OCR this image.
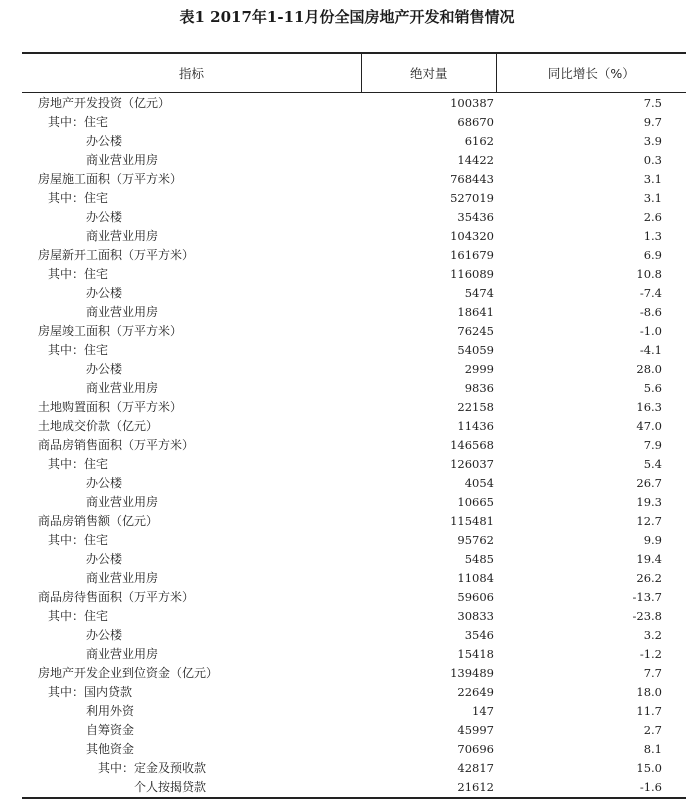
表1 2017年1-11月份全国房地产开发和销售情况
指标	绝对量	同比增长（%）
房地产开发投资（亿元）	100387	7.5
其中：住宅	68670	9.7
办公楼	6162	3.9
商业营业用房	14422	0.3
房屋施工面积（万平方米）	768443	3.1
其中：住宅	527019	3.1
办公楼	35436	2.6
商业营业用房	104320	1.3
房屋新开工面积（万平方米）	161679	6.9
其中：住宅	116089	10.8
办公楼	5474	-7.4
商业营业用房	18641	-8.6
房屋竣工面积（万平方米）	76245	-1.0
其中：住宅	54059	-4.1
办公楼	2999	28.0
商业营业用房	9836	5.6
土地购置面积（万平方米）	22158	16.3
土地成交价款（亿元）	11436	47.0
商品房销售面积（万平方米）	146568	7.9
其中：住宅	126037	5.4
办公楼	4054	26.7
商业营业用房	10665	19.3
商品房销售额（亿元）	115481	12.7
其中：住宅	95762	9.9
办公楼	5485	19.4
商业营业用房	11084	26.2
商品房待售面积（万平方米）	59606	-13.7
其中：住宅	30833	-23.8
办公楼	3546	3.2
商业营业用房	15418	-1.2
房地产开发企业到位资金（亿元）	139489	7.7
其中：国内贷款	22649	18.0
利用外资	147	11.7
自筹资金	45997	2.7
其他资金	70696	8.1
其中：定金及预收款	42817	15.0
个人按揭贷款	21612	-1.6
